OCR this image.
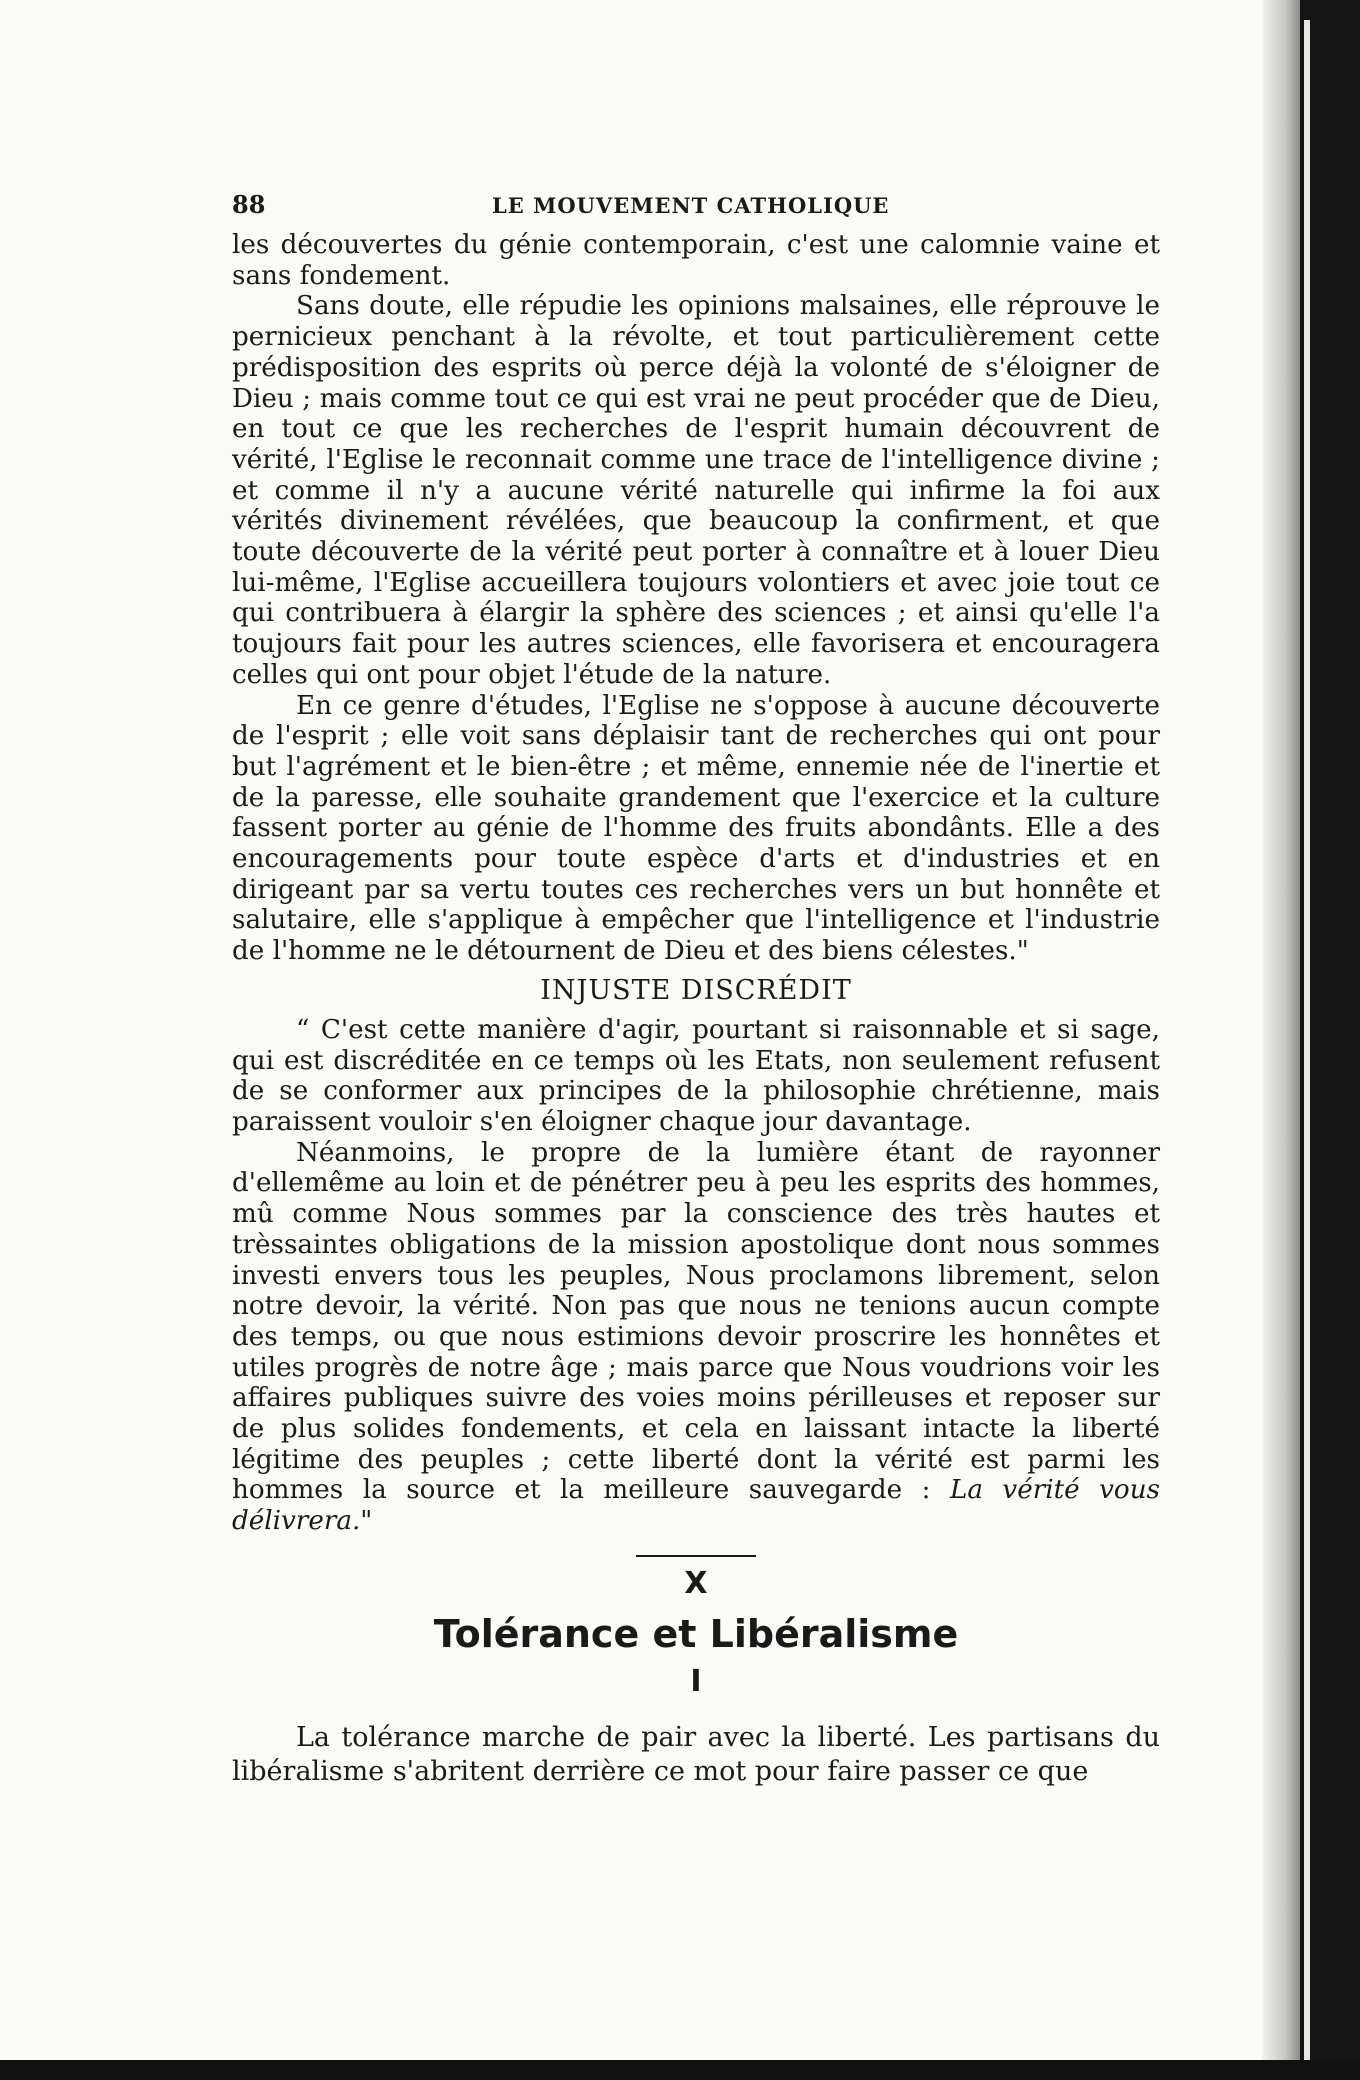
88	LE MOUVEMENT CATHOLIQUE

les découvertes du génie contemporain, c'est une calomnie vaine et sans fondement.

Sans doute, elle répudie les opinions malsaines, elle réprouve le pernicieux penchant à la révolte, et tout particulièrement cette prédisposition des esprits où perce déjà la volonté de s'éloigner de Dieu ; mais comme tout ce qui est vrai ne peut procéder que de Dieu, en tout ce que les recherches de l'esprit humain découvrent de vérité, l'Eglise le reconnait comme une trace de l'intelligence divine ; et comme il n'y a aucune vérité naturelle qui infirme la foi aux vérités divinement révélées, que beaucoup la confirment, et que toute découverte de la vérité peut porter à connaître et à louer Dieu lui-même, l'Eglise accueillera toujours volontiers et avec joie tout ce qui contribuera à élargir la sphère des sciences ; et ainsi qu'elle l'a toujours fait pour les autres sciences, elle favorisera et encouragera celles qui ont pour objet l'étude de la nature.

En ce genre d'études, l'Eglise ne s'oppose à aucune découverte de l'esprit ; elle voit sans déplaisir tant de recherches qui ont pour but l'agrément et le bien-être ; et même, ennemie née de l'inertie et de la paresse, elle souhaite grandement que l'exercice et la culture fassent porter au génie de l'homme des fruits abondânts. Elle a des encouragements pour toute espèce d'arts et d'industries et en dirigeant par sa vertu toutes ces recherches vers un but honnête et salutaire, elle s'applique à empêcher que l'intelligence et l'industrie de l'homme ne le détournent de Dieu et des biens célestes."

INJUSTE DISCRÉDIT

“ C'est cette manière d'agir, pourtant si raisonnable et si sage, qui est discréditée en ce temps où les Etats, non seulement refusent de se conformer aux principes de la philosophie chrétienne, mais paraissent vouloir s'en éloigner chaque jour davantage.

Néanmoins, le propre de la lumière étant de rayonner d'ellemême au loin et de pénétrer peu à peu les esprits des hommes, mû comme Nous sommes par la conscience des très hautes et trèssaintes obligations de la mission apostolique dont nous sommes investi envers tous les peuples, Nous proclamons librement, selon notre devoir, la vérité. Non pas que nous ne tenions aucun compte des temps, ou que nous estimions devoir proscrire les honnêtes et utiles progrès de notre âge ; mais parce que Nous voudrions voir les affaires publiques suivre des voies moins périlleuses et reposer sur de plus solides fondements, et cela en laissant intacte la liberté légitime des peuples ; cette liberté dont la vérité est parmi les hommes la source et la meilleure sauvegarde : La vérité vous délivrera."

X
Tolérance et Libéralisme
I

La tolérance marche de pair avec la liberté. Les partisans du libéralisme s'abritent derrière ce mot pour faire passer ce que
